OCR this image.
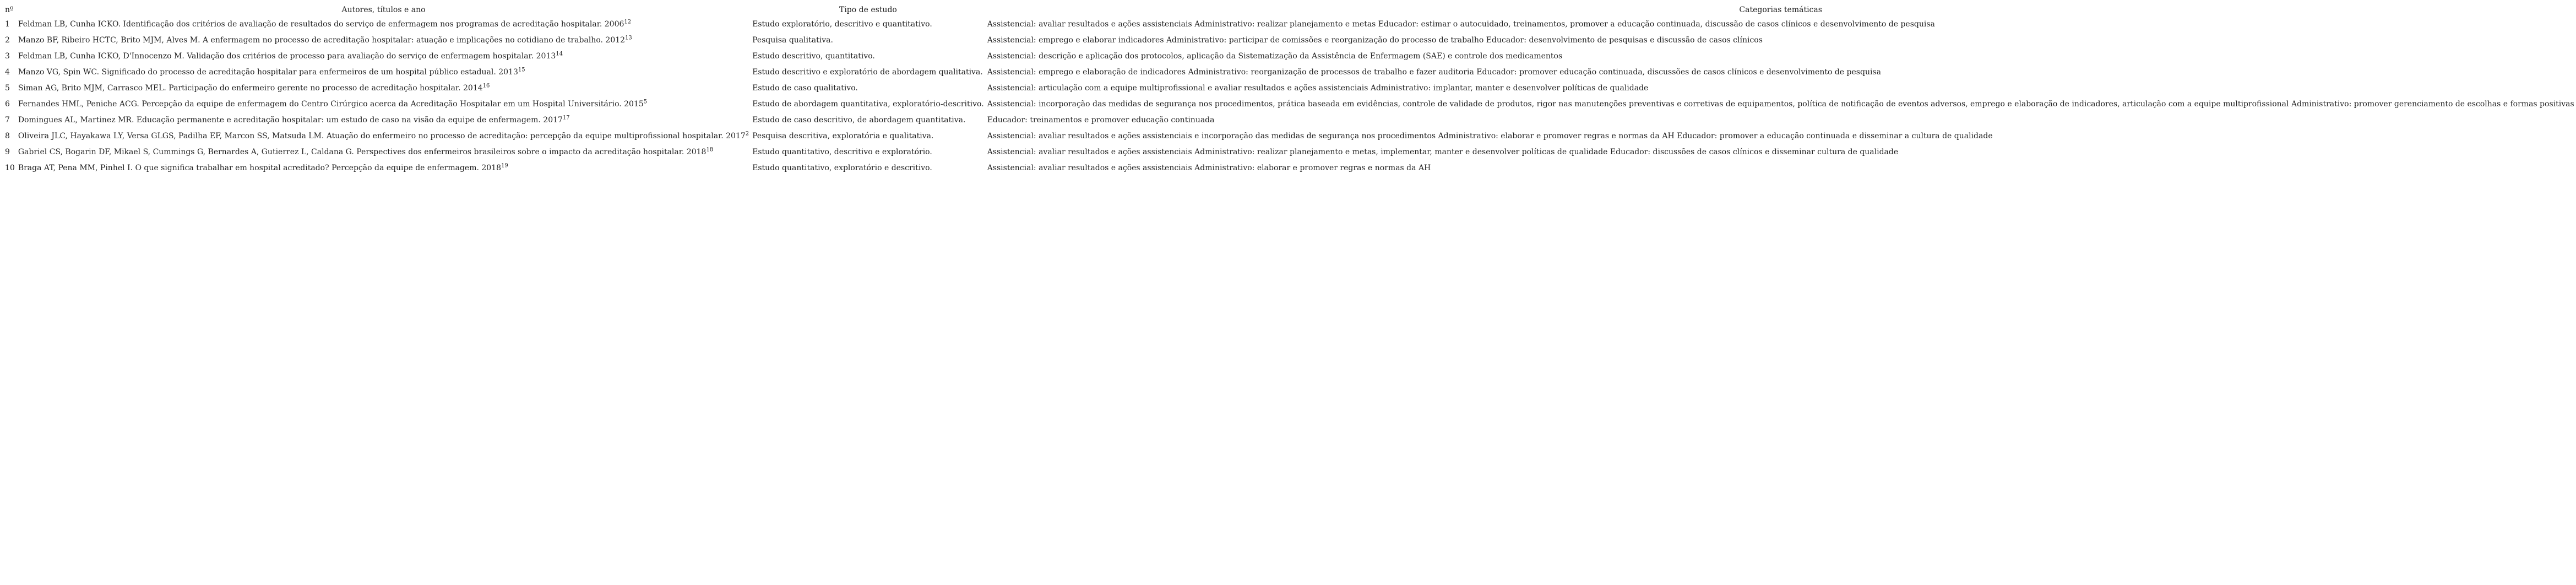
nº	Autores, títulos e ano	Tipo de estudo	Categorias temáticas
1	Feldman LB, Cunha ICKO. Identificação dos critérios de avaliação de resultados do serviço de enfermagem nos programas de acreditação hospitalar. 2006$^{12}$	Estudo exploratório, descritivo e quantitativo.	Assistencial: avaliar resultados e ações assistenciais Administrativo: realizar planejamento e metas Educador: estimar o autocuidado, treinamentos, promover a educação continuada, discussão de casos clínicos e desenvolvimento de pesquisa
2	Manzo BF, Ribeiro HCTC, Brito MJM, Alves M. A enfermagem no processo de acreditação hospitalar: atuação e implicações no cotidiano de trabalho. 2012$^{13}$	Pesquisa qualitativa.	Assistencial: emprego e elaborar indicadores Administrativo: participar de comissões e reorganização do processo de trabalho Educador: desenvolvimento de pesquisas e discussão de casos clínicos
3	Feldman LB, Cunha ICKO, D'Innocenzo M. Validação dos critérios de processo para avaliação do serviço de enfermagem hospitalar. 2013$^{14}$	Estudo descritivo, quantitativo.	Assistencial: descrição e aplicação dos protocolos, aplicação da Sistematização da Assistência de Enfermagem (SAE) e controle dos medicamentos
4	Manzo VG, Spin WC. Significado do processo de acreditação hospitalar para enfermeiros de um hospital público estadual. 2013$^{15}$	Estudo descritivo e exploratório de abordagem qualitativa.	Assistencial: emprego e elaboração de indicadores Administrativo: reorganização de processos de trabalho e fazer auditoria Educador: promover educação continuada, discussões de casos clínicos e desenvolvimento de pesquisa
5	Siman AG, Brito MJM, Carrasco MEL. Participação do enfermeiro gerente no processo de acreditação hospitalar. 2014$^{16}$	Estudo de caso qualitativo.	Assistencial: articulação com a equipe multiprofissional e avaliar resultados e ações assistenciais Administrativo: implantar, manter e desenvolver políticas de qualidade
6	Fernandes HML, Peniche ACG. Percepção da equipe de enfermagem do Centro Cirúrgico acerca da Acreditação Hospitalar em um Hospital Universitário. 2015$^5$	Estudo de abordagem quantitativa, exploratório-descritivo.	Assistencial: incorporação das medidas de segurança nos procedimentos, prática baseada em evidências, controle de validade de produtos, rigor nas manutenções preventivas e corretivas de equipamentos, política de notificação de eventos adversos, emprego e elaboração de indicadores, articulação com a equipe multiprofissional Administrativo: promover gerenciamento de escolhas e formas positivas
7	Domingues AL, Martinez MR. Educação permanente e acreditação hospitalar: um estudo de caso na visão da equipe de enfermagem. 2017$^{17}$	Estudo de caso descritivo, de abordagem quantitativa.	Educador: treinamentos e promover educação continuada
8	Oliveira JLC, Hayakawa LY, Versa GLGS, Padilha EF, Marcon SS, Matsuda LM. Atuação do enfermeiro no processo de acreditação: percepção da equipe multiprofissional hospitalar. 2017$^2$	Pesquisa descritiva, exploratória e qualitativa.	Assistencial: avaliar resultados e ações assistenciais e incorporação das medidas de segurança nos procedimentos Administrativo: elaborar e promover regras e normas da AH Educador: promover a educação continuada e disseminar a cultura de qualidade
9	Gabriel CS, Bogarin DF, Mikael S, Cummings G, Bernardes A, Gutierrez L, Caldana G. Perspectives dos enfermeiros brasileiros sobre o impacto da acreditação hospitalar. 2018$^{18}$	Estudo quantitativo, descritivo e exploratório.	Assistencial: avaliar resultados e ações assistenciais Administrativo: realizar planejamento e metas, implementar, manter e desenvolver políticas de qualidade Educador: discussões de casos clínicos e disseminar cultura de qualidade
10	Braga AT, Pena MM, Pinhel I. O que significa trabalhar em hospital acreditado? Percepção da equipe de enfermagem. 2018$^{19}$	Estudo quantitativo, exploratório e descritivo.	Assistencial: avaliar resultados e ações assistenciais Administrativo: elaborar e promover regras e normas da AH
